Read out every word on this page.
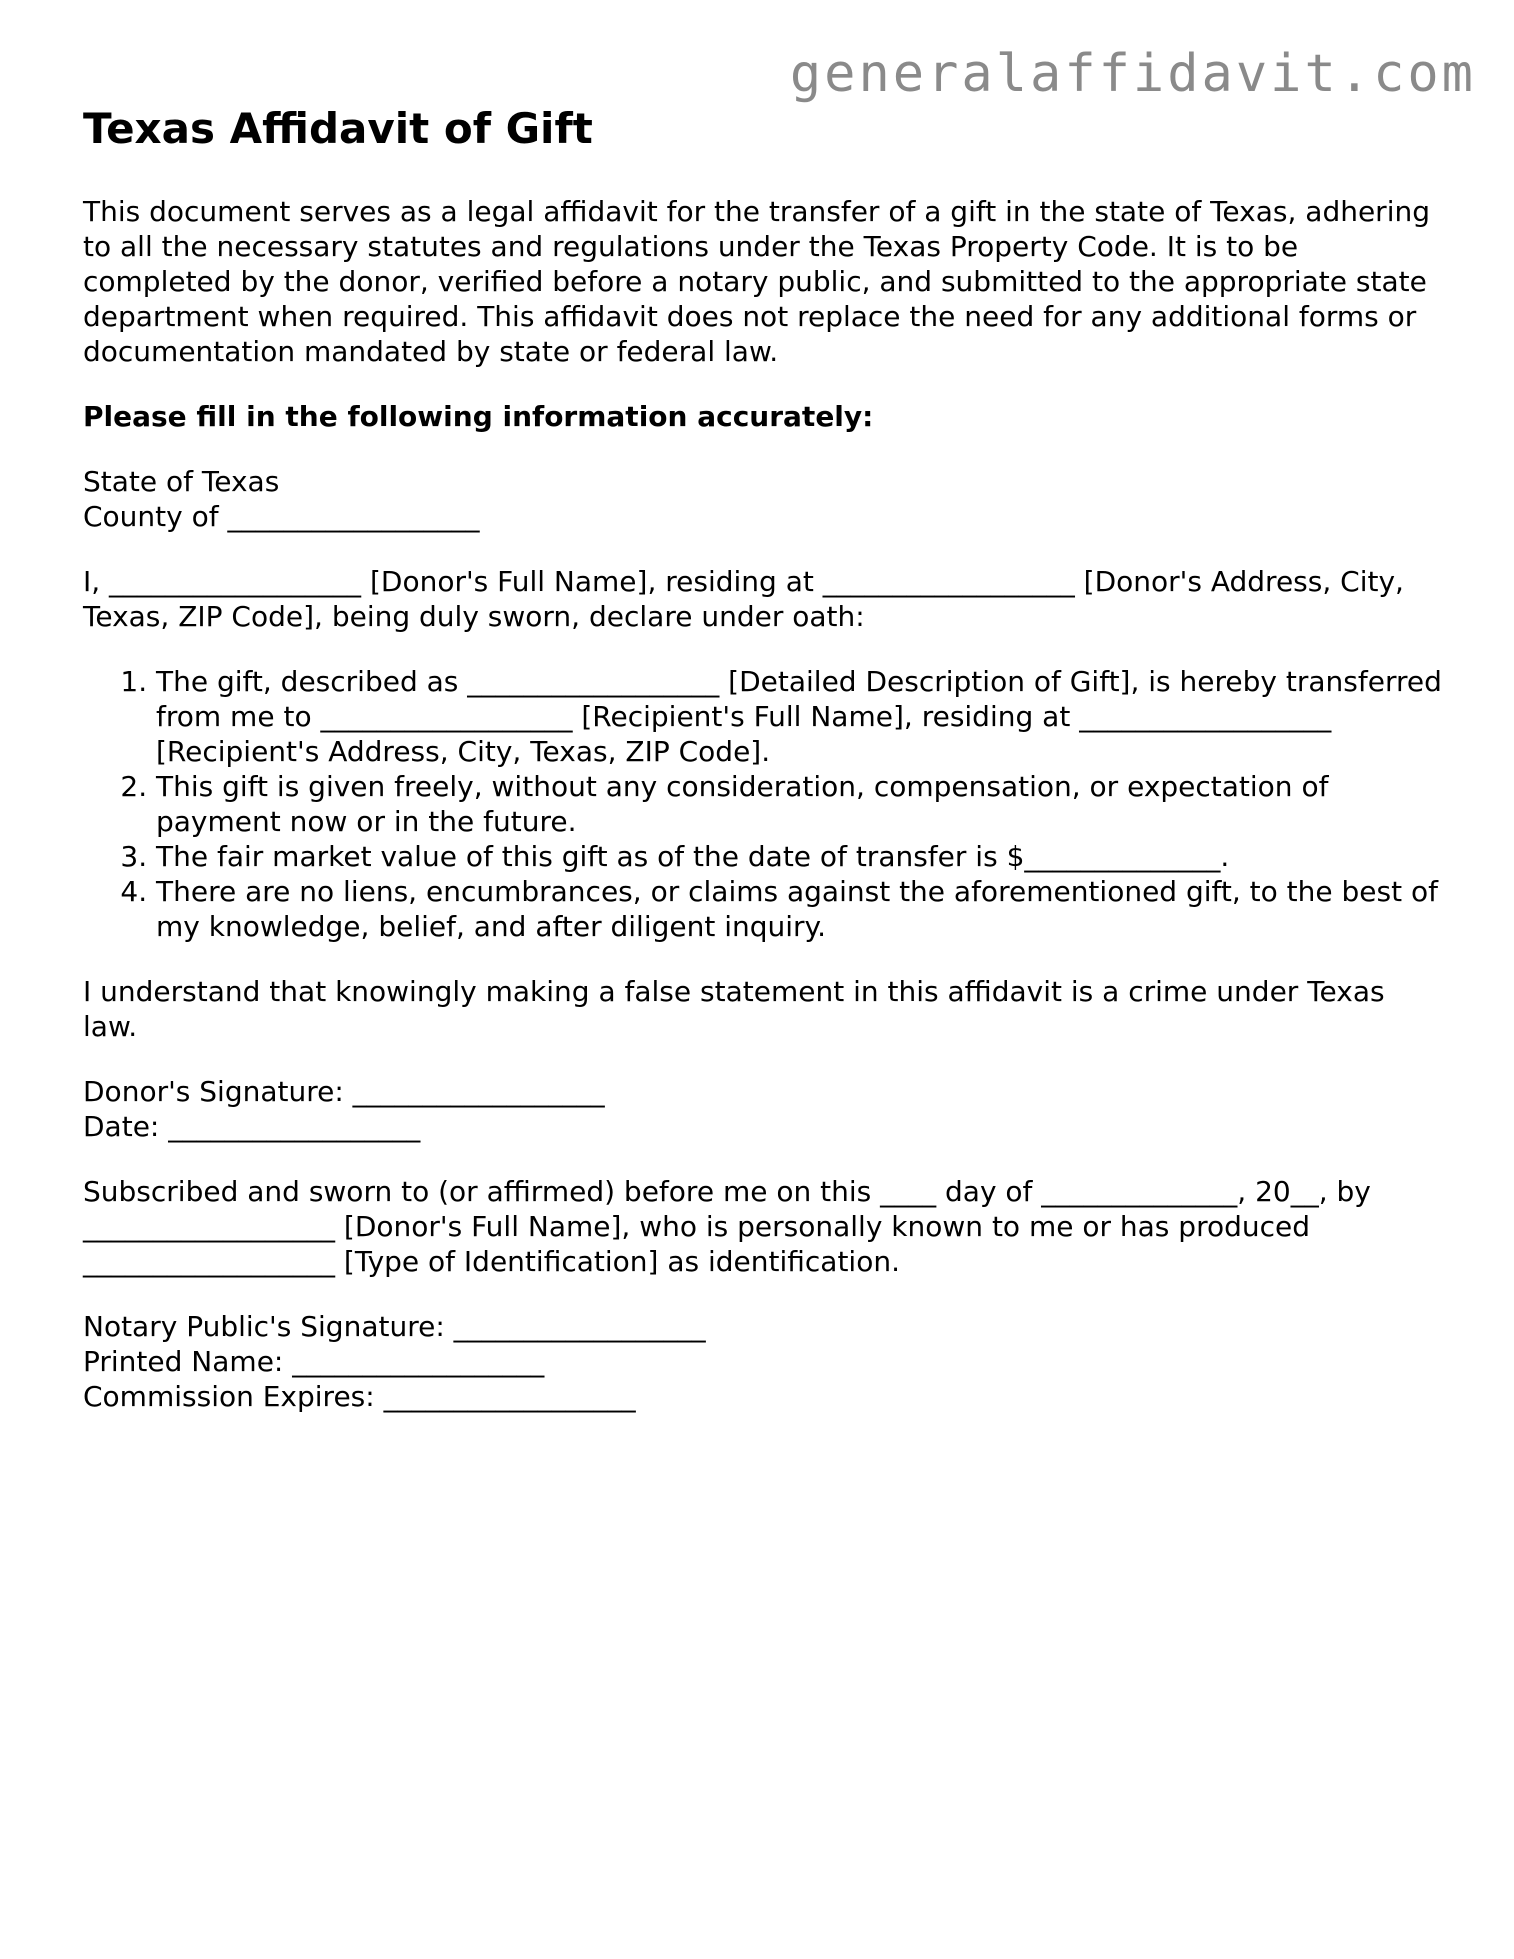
generalaffidavit.com
Texas Affidavit of Gift

This document serves as a legal affidavit for the transfer of a gift in the state of Texas, adhering to all the necessary statutes and regulations under the Texas Property Code. It is to be completed by the donor, verified before a notary public, and submitted to the appropriate state department when required. This affidavit does not replace the need for any additional forms or documentation mandated by state or federal law.

Please fill in the following information accurately:

State of Texas
County of __________________

I, __________________ [Donor's Full Name], residing at __________________ [Donor's Address, City, Texas, ZIP Code], being duly sworn, declare under oath:

1. The gift, described as __________________ [Detailed Description of Gift], is hereby transferred from me to __________________ [Recipient's Full Name], residing at __________________ [Recipient's Address, City, Texas, ZIP Code].
2. This gift is given freely, without any consideration, compensation, or expectation of payment now or in the future.
3. The fair market value of this gift as of the date of transfer is $______________.
4. There are no liens, encumbrances, or claims against the aforementioned gift, to the best of my knowledge, belief, and after diligent inquiry.

I understand that knowingly making a false statement in this affidavit is a crime under Texas law.

Donor's Signature: __________________
Date: __________________

Subscribed and sworn to (or affirmed) before me on this ____ day of ______________, 20__, by __________________ [Donor's Full Name], who is personally known to me or has produced __________________ [Type of Identification] as identification.

Notary Public's Signature: __________________
Printed Name: __________________
Commission Expires: __________________
